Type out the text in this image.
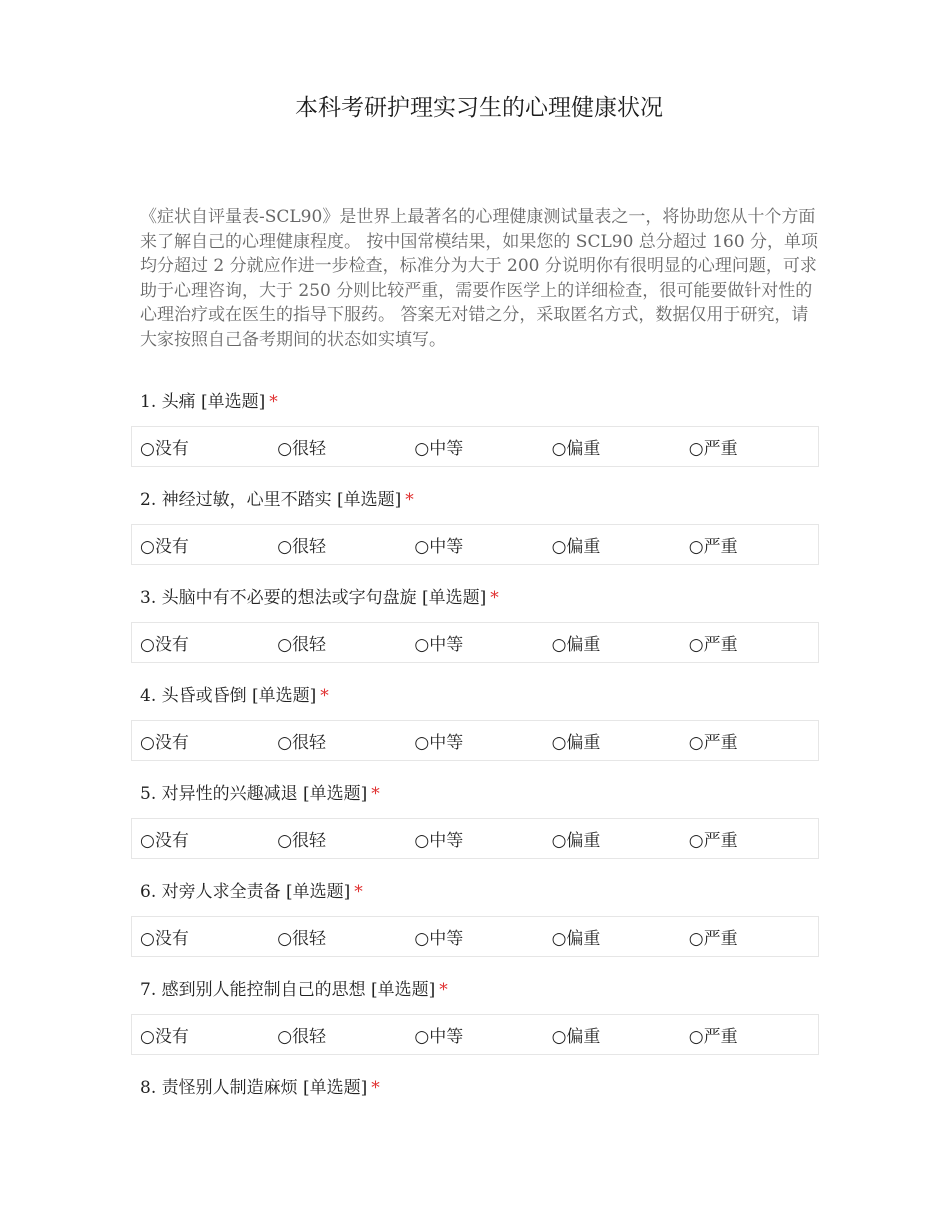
本科考研护理实习生的心理健康状况

《症状自评量表-SCL90》是世界上最著名的心理健康测试量表之一，将协助您从十个方面来了解自己的心理健康程度。 按中国常模结果，如果您的 SCL90 总分超过 160 分，单项均分超过 2 分就应作进一步检查，标准分为大于 200 分说明你有很明显的心理问题，可求助于心理咨询，大于 250 分则比较严重，需要作医学上的详细检查，很可能要做针对性的心理治疗或在医生的指导下服药。 答案无对错之分，采取匿名方式，数据仅用于研究，请大家按照自己备考期间的状态如实填写。

1. 头痛 [单选题] *
○没有	○很轻	○中等	○偏重	○严重
2. 神经过敏，心里不踏实 [单选题] *
○没有	○很轻	○中等	○偏重	○严重
3. 头脑中有不必要的想法或字句盘旋 [单选题] *
○没有	○很轻	○中等	○偏重	○严重
4. 头昏或昏倒 [单选题] *
○没有	○很轻	○中等	○偏重	○严重
5. 对异性的兴趣减退 [单选题] *
○没有	○很轻	○中等	○偏重	○严重
6. 对旁人求全责备 [单选题] *
○没有	○很轻	○中等	○偏重	○严重
7. 感到别人能控制自己的思想 [单选题] *
○没有	○很轻	○中等	○偏重	○严重
8. 责怪别人制造麻烦 [单选题] *
